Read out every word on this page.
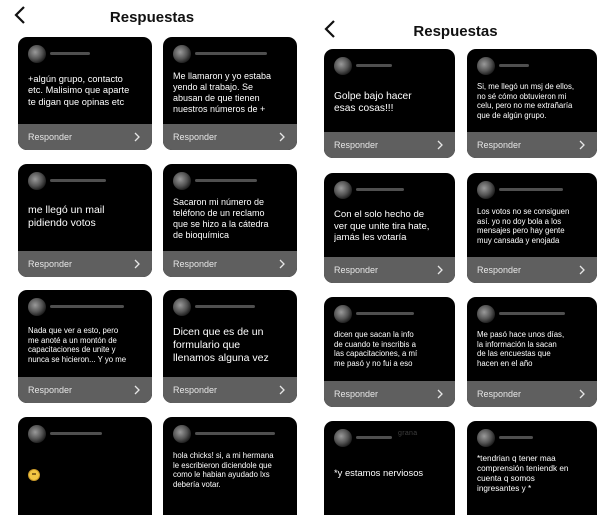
Respuestas
+algún grupo, contacto
etc. Malisimo que aparte
te digan que opinas etc
Responder
Me llamaron y yo estaba
yendo al trabajo. Se
abusan de que tienen
nuestros números de +
Responder
me llegó un mail
pidiendo votos
Responder
Sacaron mi número de
teléfono de un reclamo
que se hizo a la cátedra
de bioquímica
Responder
Nada que ver a esto, pero
me anoté a un montón de
capacitaciones de unite y
nunca se hicieron... Y yo me
Responder
Dicen que es de un
formulario que
llenamos alguna vez
Responder
hola chicks! si, a mi hermana
le escribieron diciendole que
como le habian ayudado lxs
debería votar.
Respuestas
Golpe bajo hacer
esas cosas!!!
Responder
Si, me llegó un msj de ellos,
no sé cómo obtuvieron mi
celu, pero no me extrañaría
que de algún grupo.
Responder
Con el solo hecho de
ver que unite tira hate,
jamás les votaría
Responder
Los votos no se consiguen
así. yo no doy bola a los
mensajes pero hay gente
muy cansada y enojada
Responder
dicen que sacan la info
de cuando te inscribis a
las capacitaciones, a mí
me pasó y no fui a eso
Responder
Me pasó hace unos días,
la información la sacan
de las encuestas que
hacen en el año
Responder
grana
*y estamos nerviosos
*tendrian q tener maa
comprensión teniendk en
cuenta q somos
ingresantes y *
